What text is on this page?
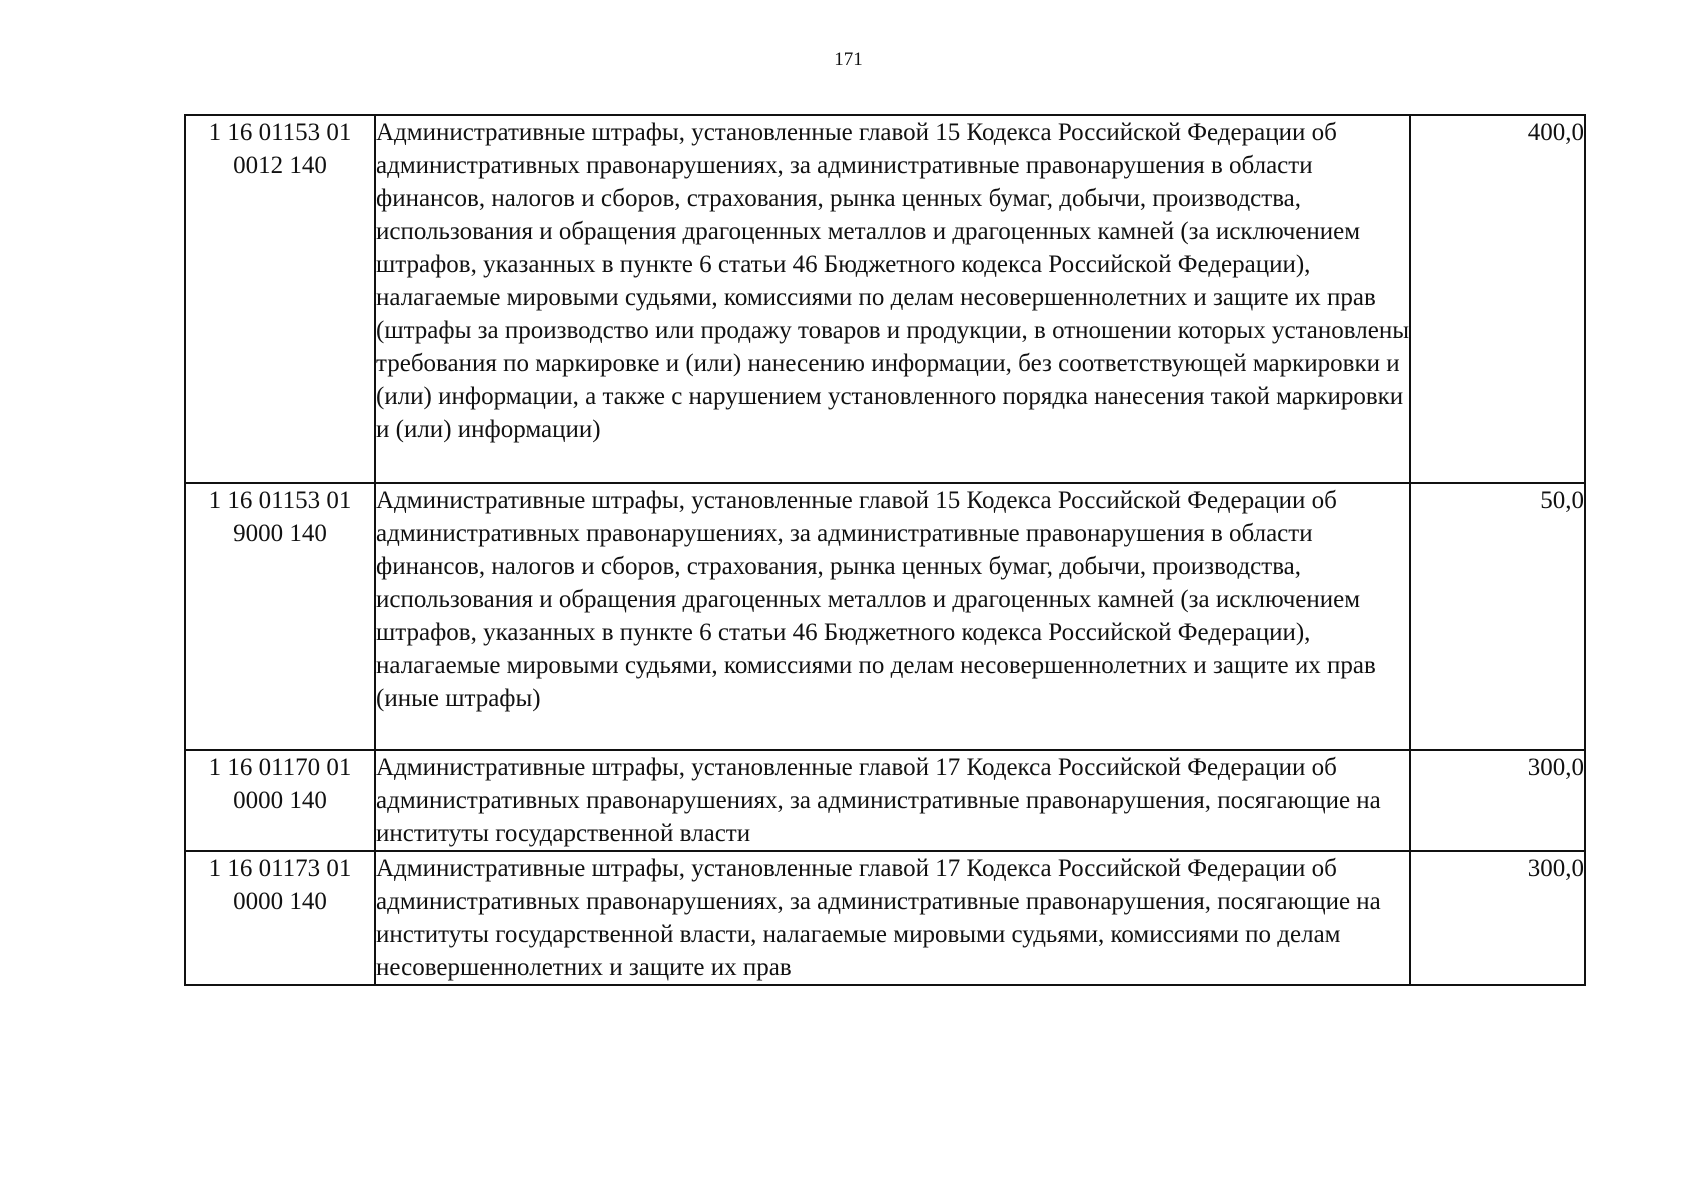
171
1 16 01153 01
0012 140	Административные штрафы, установленные главой 15 Кодекса Российской Федерации об административных правонарушениях, за административные правонарушения в области финансов, налогов и сборов, страхования, рынка ценных бумаг, добычи, производства, использования и обращения драгоценных металлов и драгоценных камней (за исключением штрафов, указанных в пункте 6 статьи 46 Бюджетного кодекса Российской Федерации), налагаемые мировыми судьями, комиссиями по делам несовершеннолетних и защите их прав (штрафы за производство или продажу товаров и продукции, в отношении которых установлены требования по маркировке и (или) нанесению информации, без соответствующей маркировки и (или) информации, а также с нарушением установленного порядка нанесения такой маркировки и (или) информации)	400,0

1 16 01153 01
9000 140	Административные штрафы, установленные главой 15 Кодекса Российской Федерации об административных правонарушениях, за административные правонарушения в области финансов, налогов и сборов, страхования, рынка ценных бумаг, добычи, производства, использования и обращения драгоценных металлов и драгоценных камней (за исключением штрафов, указанных в пункте 6 статьи 46 Бюджетного кодекса Российской Федерации), налагаемые мировыми судьями, комиссиями по делам несовершеннолетних и защите их прав (иные штрафы)	50,0

1 16 01170 01
0000 140	Административные штрафы, установленные главой 17 Кодекса Российской Федерации об административных правонарушениях, за административные правонарушения, посягающие на институты государственной власти	300,0

1 16 01173 01
0000 140	Административные штрафы, установленные главой 17 Кодекса Российской Федерации об административных правонарушениях, за административные правонарушения, посягающие на институты государственной власти, налагаемые мировыми судьями, комиссиями по делам несовершеннолетних и защите их прав	300,0
